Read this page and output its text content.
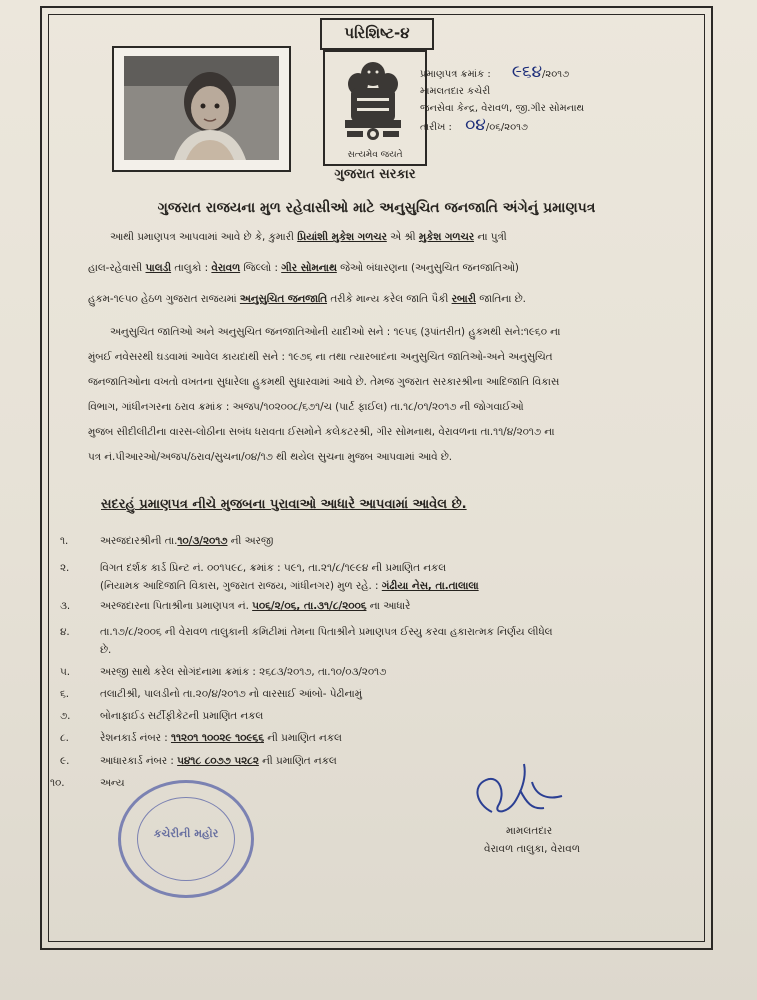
પરિશિષ્ટ-૪
સત્યમેવ જયતે
ગુજરાત સરકાર
પ્રમાણપત્ર ક્રમાંક : ૯૬૪/૨૦૧૭
મામલતદાર કચેરી
જનસેવા કેન્દ્ર, વેરાવળ, જી.ગીર સોમનાથ
તારીખ : ૦૪/૦૬/૨૦૧૭
ગુજરાત રાજયના મુળ રહેવાસીઓ માટે અનુસુચિત જનજાતિ અંગેનું પ્રમાણપત્ર
આથી પ્રમાણપત્ર આપવામાં આવે છે કે, કુમારી પ્રિયાંશી મુકેશ ગળચર એ શ્રી મુકેશ ગળચર ના પુત્રી
હાલ-રહેવાસી પાલડી તાલુકો : વેરાવળ જિલ્લો : ગીર સોમનાથ જેઓ બંધારણના (અનુસુચિત જનજાતિઓ)
હુકમ-૧૯૫૦ હેઠળ ગુજરાત રાજયમાં અનુસુચિત જનજાતિ તરીકે માન્ય કરેલ જાતિ પૈકી રબારી જાતિના છે.
અનુસુચિત જાતિઓ અને અનુસુચિત જનજાતિઓની યાદીઓ સને : ૧૯૫૬ (રૂપાંતરીત) હુકમથી સને:૧૯૬૦ ના
મુંબઈ નવેસરથી ઘડવામાં આવેલ કાયદાથી સને : ૧૯૭૬ ના તથા ત્યારબાદના અનુસુચિત જાતિઓ-અને અનુસુચિત
જનજાતિઓના વખતો વખતના સુધારેલા હુકમથી સુધારવામાં આવે છે. તેમજ ગુજરાત સરકારશ્રીના આદિજાતિ વિકાસ
વિભાગ, ગાંધીનગરના ઠરાવ ક્રમાંક : અજપ/૧૦૨૦૦૮/૬૭૧/ચ (પાર્ટ ફાઈલ) તા.૧૮/૦૧/૨૦૧૭ ની જોગવાઈઓ
મુજબ સીદીલીટીના વારસ-લોઠીના સબંધ ધરાવતા ઈસમોને કલેકટરશ્રી, ગીર સોમનાથ, વેરાવળના તા.૧૧/૪/૨૦૧૭ ના
પત્ર નં.પીઆરઓ/અજપ/ઠરાવ/સુચના/૦૪/૧૭ થી થયેલ સુચના મુજબ આપવામાં આવે છે.
સદરહું પ્રમાણપત્ર નીચે મુજબના પુરાવાઓ આધારે આપવામાં આવેલ છે.
૧.	અરજદારશ્રીની તા.૧૦/૩/૨૦૧૭ ની અરજી
૨.	વિગત દર્શક કાર્ડ પ્રિન્ટ નં. ૦૦૧૫૯૮, ક્રમાંક : ૫૯૧, તા.૨૧/૮/૧૯૯૪ ની પ્રમાણિત નકલ
(નિયામક આદિજાતિ વિકાસ, ગુજરાત રાજય, ગાંધીનગર) મુળ રહે. : ગંઢીયા નેસ, તા.તાલાલા
૩.	અરજદારના પિતાશ્રીના પ્રમાણપત્ર નં. ૫૦૬/૨/૦૬, તા.૩૧/૮/૨૦૦૬ ના આધારે
૪.	તા.૧૭/૮/૨૦૦૬ ની વેરાવળ તાલુકાની કમિટીમાં તેમના પિતાશ્રીને પ્રમાણપત્ર ઈસ્યુ કરવા હકારાત્મક નિર્ણય લીધેલ
છે.
૫.	અરજી સાથે કરેલ સોગંદનામા ક્રમાંક : ૨૬૮૩/૨૦૧૭, તા.૧૦/૦૩/૨૦૧૭
૬.	તલાટીશ્રી, પાલડીનો તા.૨૦/૪/૨૦૧૭ નો વારસાઈ આંબો- પેઢીનામું
૭.	બોનાફાઈડ સર્ટીફીકેટની પ્રમાણિત નકલ
૮.	રેશનકાર્ડ નંબર : ૧૧૨૦૧ ૧૦૦૨૯ ૧૦૯૬૬ ની પ્રમાણિત નકલ
૯.	આધારકાર્ડ નંબર : ૫૪૧૮ ૮૦૭૭ ૫૨૮૨ ની પ્રમાણિત નકલ
૧૦.	અન્ય
કચેરીની મહોર	મામલતદાર
વેરાવળ તાલુકા, વેરાવળ
